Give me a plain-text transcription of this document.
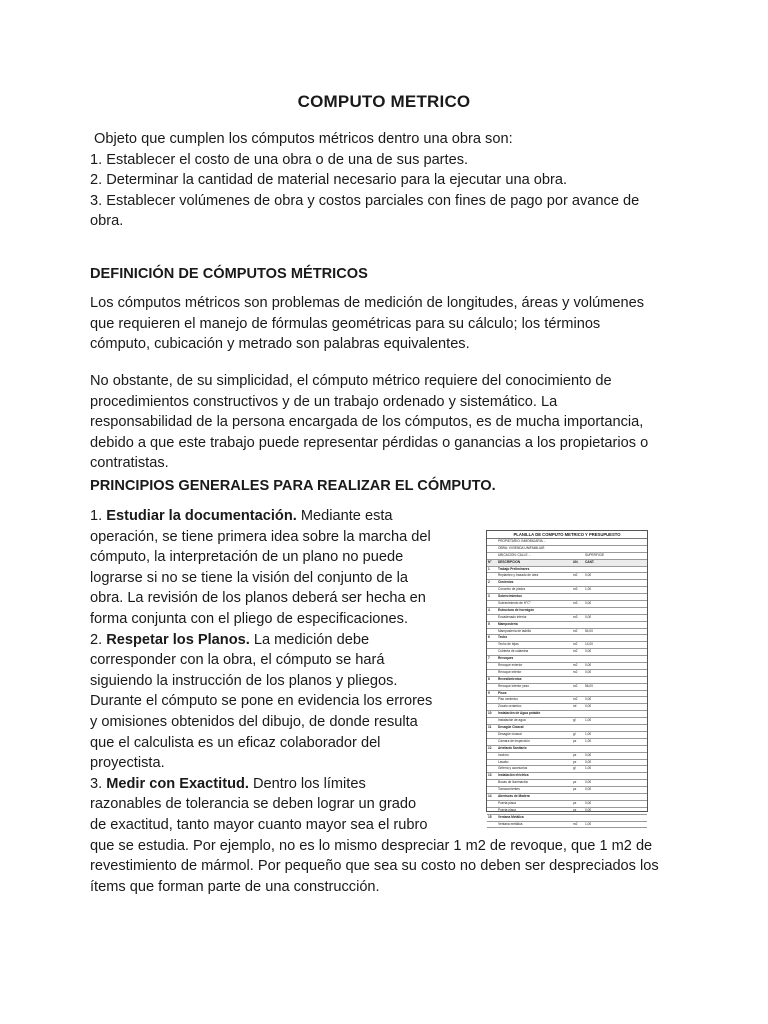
COMPUTO METRICO
Objeto que cumplen los cómputos métricos dentro una obra son:
1. Establecer el costo de una obra o de una de sus partes.
2. Determinar la cantidad de material necesario para la ejecutar una obra.
3. Establecer volúmenes de obra y costos parciales con fines de pago por avance de
obra.
DEFINICIÓN DE CÓMPUTOS MÉTRICOS
Los cómputos métricos son problemas de medición de longitudes, áreas y volúmenes
que requieren el manejo de fórmulas geométricas para su cálculo; los términos
cómputo, cubicación y metrado son palabras equivalentes.
No obstante, de su simplicidad, el cómputo métrico requiere del conocimiento de
procedimientos constructivos y de un trabajo ordenado y sistemático. La
responsabilidad de la persona encargada de los cómputos, es de mucha importancia,
debido a que este trabajo puede representar pérdidas o ganancias a los propietarios o
contratistas.
PRINCIPIOS GENERALES PARA REALIZAR EL CÓMPUTO.
1. Estudiar la documentación. Mediante esta
operación, se tiene primera idea sobre la marcha del
cómputo, la interpretación de un plano no puede
lograrse si no se tiene la visión del conjunto de la
obra. La revisión de los planos deberá ser hecha en
forma conjunta con el pliego de especificaciones.
2. Respetar los Planos. La medición debe
corresponder con la obra, el cómputo se hará
siguiendo la instrucción de los planos y pliegos.
Durante el cómputo se pone en evidencia los errores
y omisiones obtenidos del dibujo, de donde resulta
que el calculista es un eficaz colaborador del
proyectista.
3. Medir con Exactitud. Dentro los límites
razonables de tolerancia se deben lograr un grado
de exactitud, tanto mayor cuanto mayor sea el rubro
que se estudia. Por ejemplo, no es lo mismo despreciar 1 m2 de revoque, que 1 m2 de
revestimiento de mármol. Por pequeño que sea su costo no deben ser despreciados los
ítems que forman parte de una construcción.
PLANILLA DE COMPUTO METRICO Y PRESUPUESTO
PROPIETARIO: INMOBILIARIA ...
OBRA: VIVIENDA UNIFAMILIAR
UBICACION: CALLE ...	SUPERFICIE
N°	DESCRIPCION	UN.	CANT.
1	Trabajo Preliminares
Replanteo y trazado de obra	m2	0,00
2	Cimientos
Concreto de piedra	m3	1,00
3	Sobrecimientos
Sobrecimiento de H°C°	m3	0,00
4	Estructura de hormigón
Encadenado inferior	m3	0,00
5	Mampostería
Mampostería de ladrillo	m2	54,00
6	Techo
Techo de tejas	m2	14,00
Cubierta de calamina	m2	0,00
7	Revoques
Revoque exterior	m2	0,00
Revoque interior	m2	0,00
8	Revestimientos
Revoque interior yeso	m2	56,00
9	Pisos
Piso cerámico	m2	0,00
Zócalo cerámico	ml	0,00
10	Instalación de Agua potable
Instalación de agua	gl	1,00
11	Desagüe Cloacal
Desagüe cloacal	gl	1,00
Cámara de inspección	pz	1,00
12	Artefacto Sanitario
Inodoro	pz	0,00
Lavabo	pz	0,00
Grifería y accesorios	gl	1,00
13	Instalación eléctrica
Bocas de iluminación	pz	0,00
Tomacorrientes	pz	0,00
14	Aberturas de Madera
Puerta placa	pz	0,00
Puerta placa	pz	0,00
15	Ventana Metálica
Ventana metálica	m2	1,00
